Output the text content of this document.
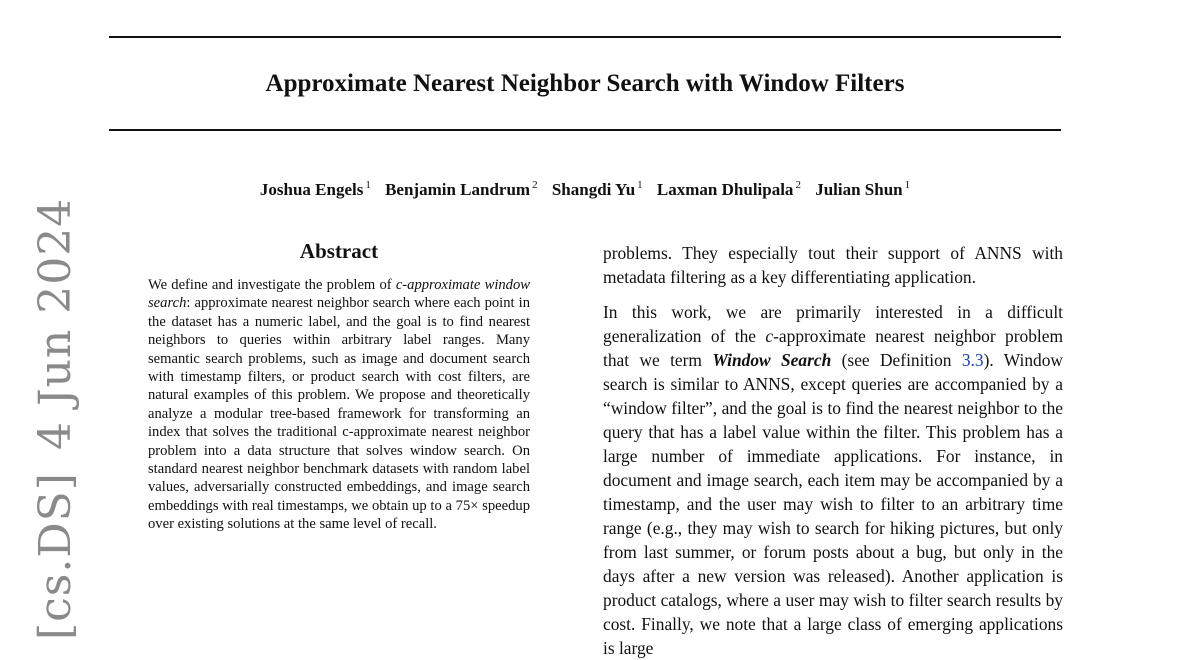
Approximate Nearest Neighbor Search with Window Filters
Joshua Engels $^1$ Benjamin Landrum $^2$ Shangdi Yu $^1$ Laxman Dhulipala $^2$ Julian Shun $^1$
[cs.DS]4 Jun 2024	Abstract
We define and investigate the problem of c-approximate window search: approximate nearest neighbor search where each point in the dataset has a numeric label, and the goal is to find nearest neighbors to queries within arbitrary label ranges. Many semantic search problems, such as image and document search with timestamp filters, or product search with cost filters, are natural examples of this problem. We propose and theoretically analyze a modular tree-based framework for transforming an index that solves the traditional c-approximate nearest neighbor problem into a data structure that solves window search. On standard nearest neighbor benchmark datasets with random label values, adversarially constructed embeddings, and image search embeddings with real timestamps, we obtain up to a 75× speedup over existing solutions at the same level of recall.
problems. They especially tout their support of ANNS with metadata filtering as a key differentiating application.
In this work, we are primarily interested in a difficult generalization of the c-approximate nearest neighbor problem that we term Window Search (see Definition 3.3). Window search is similar to ANNS, except queries are accompanied by a “window filter”, and the goal is to find the nearest neighbor to the query that has a label value within the filter. This problem has a large number of immediate applications. For instance, in document and image search, each item may be accompanied by a timestamp, and the user may wish to filter to an arbitrary time range (e.g., they may wish to search for hiking pictures, but only from last summer, or forum posts about a bug, but only in the days after a new version was released). Another application is product catalogs, where a user may wish to filter search results by cost. Finally, we note that a large class of emerging applications is large
